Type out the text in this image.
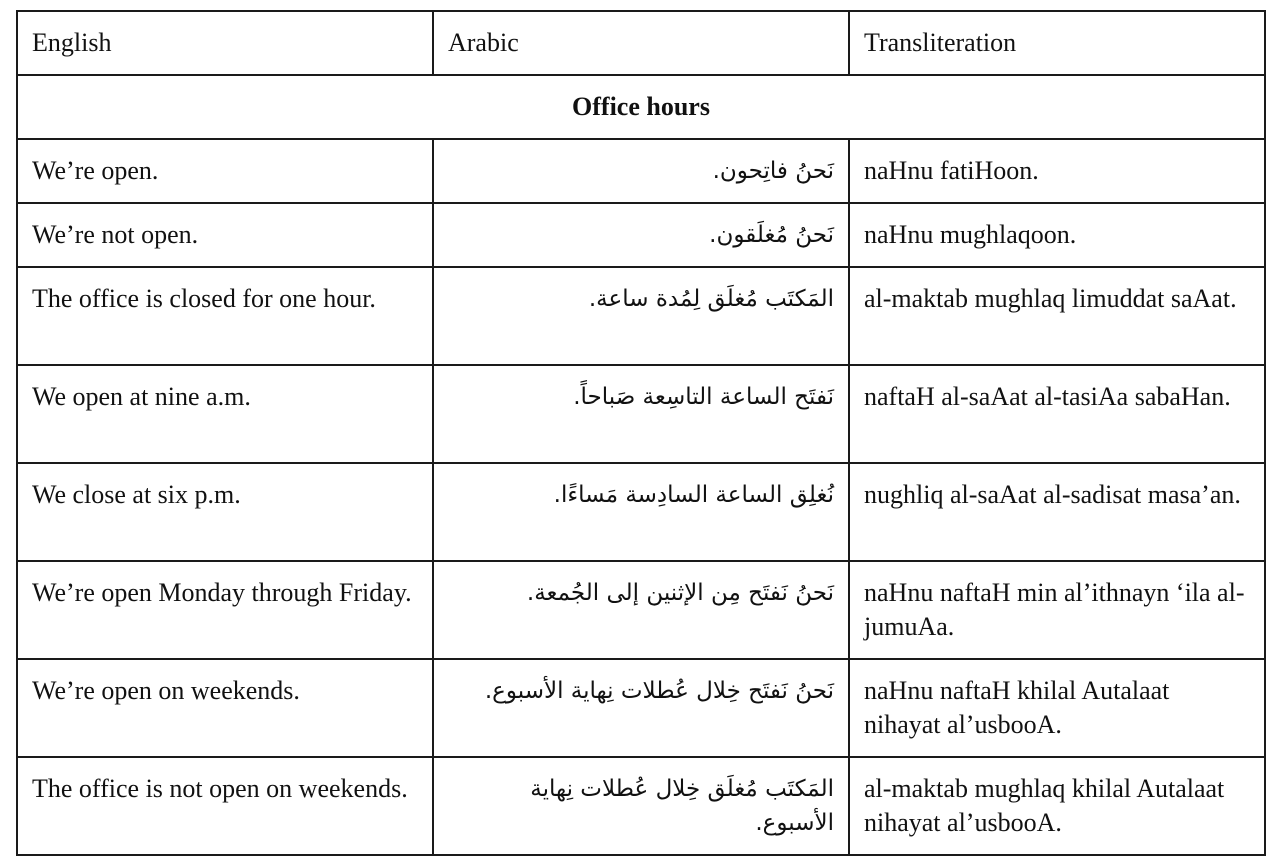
English	Arabic	Transliteration
Office hours		
We’re open.	نَحنُ فاتِحون.	naHnu fatiHoon.
We’re not open.	نَحنُ مُغلَقون.	naHnu mughlaqoon.
The office is closed for one hour.	المَكتَب مُغلَق لِمُدة ساعة.	al-maktab mughlaq limuddat saAat.
We open at nine a.m.	نَفتَح الساعة التاسِعة صَباحاً.	naftaH al-saAat al-tasiAa sabaHan.
We close at six p.m.	نُغلِق الساعة السادِسة مَساءًا.	nughliq al-saAat al-sadisat masa’an.
We’re open Monday through Friday.	نَحنُ نَفتَح مِن الإثنين إلى الجُمعة.	naHnu naftaH min al’ithnayn ‘ila al-jumuAa.
We’re open on weekends.	نَحنُ نَفتَح خِلال عُطلات نِهاية الأسبوع.	naHnu naftaH khilal Autalaat nihayat al’usbooA.
The office is not open on weekends.	المَكتَب مُغلَق خِلال عُطلات نِهاية الأسبوع.	al-maktab mughlaq khilal Autalaat nihayat al’usbooA.
